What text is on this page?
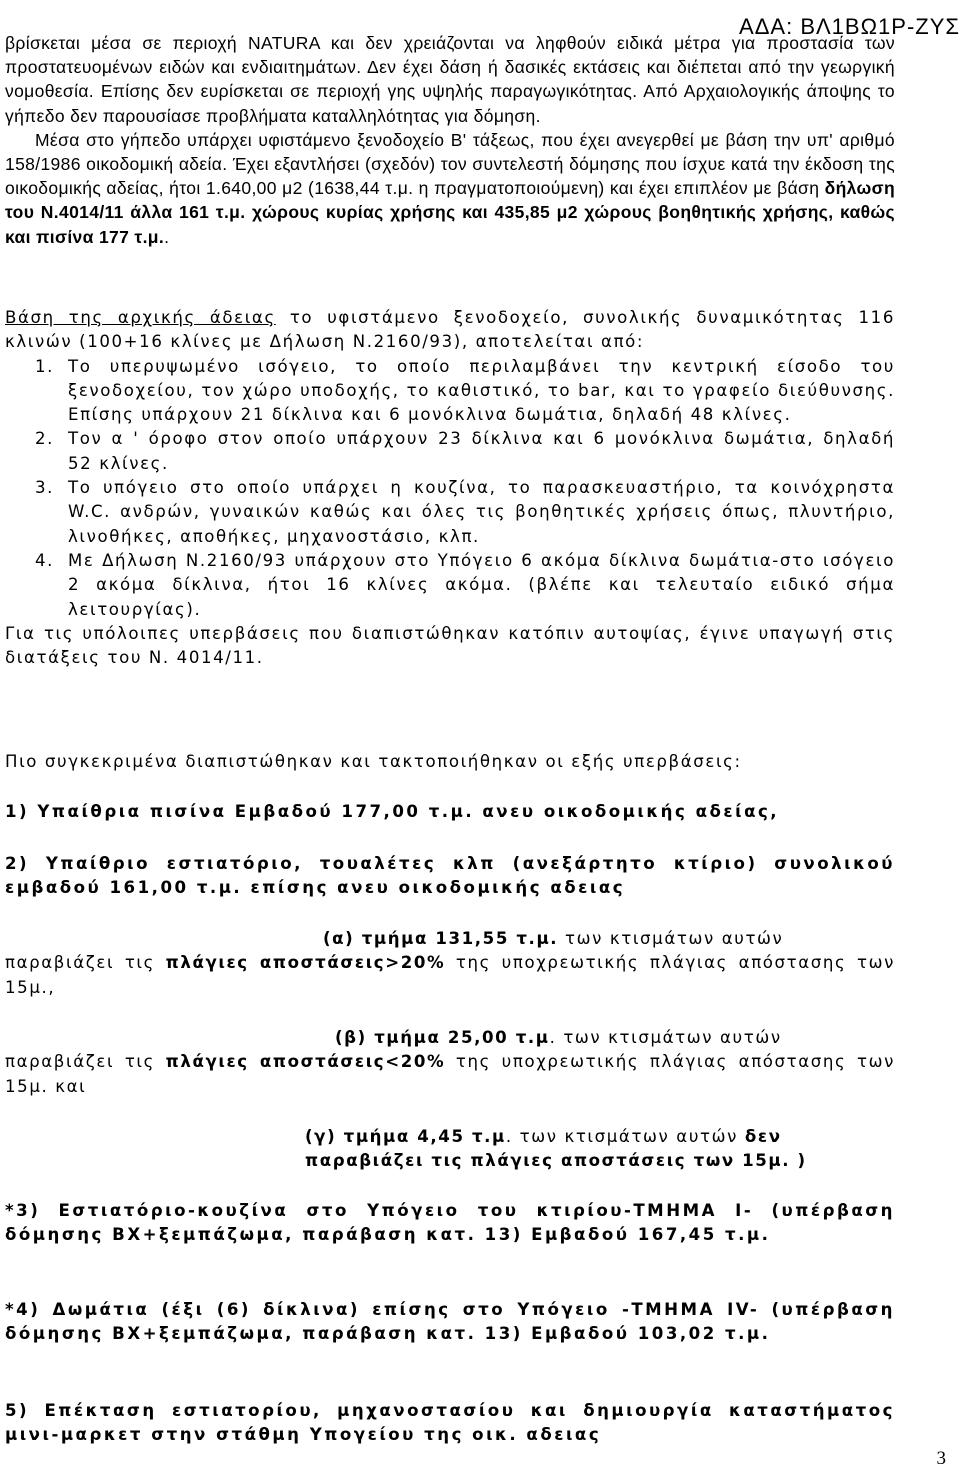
ΑΔΑ: ΒΛ1ΒΩ1Ρ-ΖΥΣ

βρίσκεται μέσα σε περιοχή NATURA και δεν χρειάζονται να ληφθούν ειδικά μέτρα για προστασία των προστατευομένων ειδών και ενδιαιτημάτων. Δεν έχει δάση ή δασικές εκτάσεις και διέπεται από την γεωργική νομοθεσία. Επίσης δεν ευρίσκεται σε περιοχή γης υψηλής παραγωγικότητας. Από Αρχαιολογικής άποψης το γήπεδο δεν παρουσίασε προβλήματα καταλληλότητας για δόμηση.

Μέσα στο γήπεδο υπάρχει υφιστάμενο ξενοδοχείο Β' τάξεως, που έχει ανεγερθεί με βάση την υπ' αριθμό 158/1986 οικοδομική αδεία. Έχει εξαντλήσει (σχεδόν) τον συντελεστή δόμησης που ίσχυε κατά την έκδοση της οικοδομικής αδείας, ήτοι 1.640,00 μ2 (1638,44 τ.μ. η πραγματοποιούμενη) και έχει επιπλέον με βάση δήλωση του Ν.4014/11 άλλα 161 τ.μ. χώρους κυρίας χρήσης και 435,85 μ2 χώρους βοηθητικής χρήσης, καθώς και πισίνα 177 τ.μ..

Βάση της αρχικής άδειας το υφιστάμενο ξενοδοχείο, συνολικής δυναμικότητας 116 κλινών (100+16 κλίνες με Δήλωση Ν.2160/93), αποτελείται από:

1. Το υπερυψωμένο ισόγειο, το οποίο περιλαμβάνει την κεντρική είσοδο του ξενοδοχείου, τον χώρο υποδοχής, το καθιστικό, το bar, και το γραφείο διεύθυνσης. Επίσης υπάρχουν 21 δίκλινα και 6 μονόκλινα δωμάτια, δηλαδή 48 κλίνες.
2. Τον α ' όροφο στον οποίο υπάρχουν 23 δίκλινα και 6 μονόκλινα δωμάτια, δηλαδή 52 κλίνες.
3. Το υπόγειο στο οποίο υπάρχει η κουζίνα, το παρασκευαστήριο, τα κοινόχρηστα W.C. ανδρών, γυναικών καθώς και όλες τις βοηθητικές χρήσεις όπως, πλυντήριο, λινοθήκες, αποθήκες, μηχανοστάσιο, κλπ.
4. Με Δήλωση Ν.2160/93 υπάρχουν στο Υπόγειο 6 ακόμα δίκλινα δωμάτια-στο ισόγειο 2 ακόμα δίκλινα, ήτοι 16 κλίνες ακόμα. (βλέπε και τελευταίο ειδικό σήμα λειτουργίας).

Για τις υπόλοιπες υπερβάσεις που διαπιστώθηκαν κατόπιν αυτοψίας, έγινε υπαγωγή στις διατάξεις του Ν. 4014/11.

Πιο συγκεκριμένα διαπιστώθηκαν και τακτοποιήθηκαν οι εξής υπερβάσεις:
1) Υπαίθρια πισίνα Εμβαδού 177,00 τ.μ. ανευ οικοδομικής αδείας,
2) Υπαίθριο εστιατόριο, τουαλέτες κλπ (ανεξάρτητο κτίριο) συνολικού εμβαδού 161,00 τ.μ. επίσης ανευ οικοδομικής αδειας

(α) τμήμα 131,55 τ.μ. των κτισμάτων αυτών

παραβιάζει τις πλάγιες αποστάσεις>20% της υποχρεωτικής πλάγιας απόστασης των 15μ.,

(β) τμήμα 25,00 τ.μ. των κτισμάτων αυτών

παραβιάζει τις πλάγιες αποστάσεις<20% της υποχρεωτικής πλάγιας απόστασης των 15μ. και

(γ) τμήμα 4,45 τ.μ. των κτισμάτων αυτών δεν παραβιάζει τις πλάγιες αποστάσεις των 15μ. )

*3) Εστιατόριο-κουζίνα στο Υπόγειο του κτιρίου-ΤΜΗΜΑ Ι- (υπέρβαση δόμησης ΒΧ+ξεμπάζωμα, παράβαση κατ. 13) Εμβαδού 167,45 τ.μ.
*4) Δωμάτια (έξι (6) δίκλινα) επίσης στο Υπόγειο -ΤΜΗΜΑ ΙV- (υπέρβαση δόμησης ΒΧ+ξεμπάζωμα, παράβαση κατ. 13) Εμβαδού 103,02 τ.μ.
5) Επέκταση εστιατορίου, μηχανοστασίου και δημιουργία καταστήματος μινι-μαρκετ στην στάθμη Υπογείου της οικ. αδειας
3
